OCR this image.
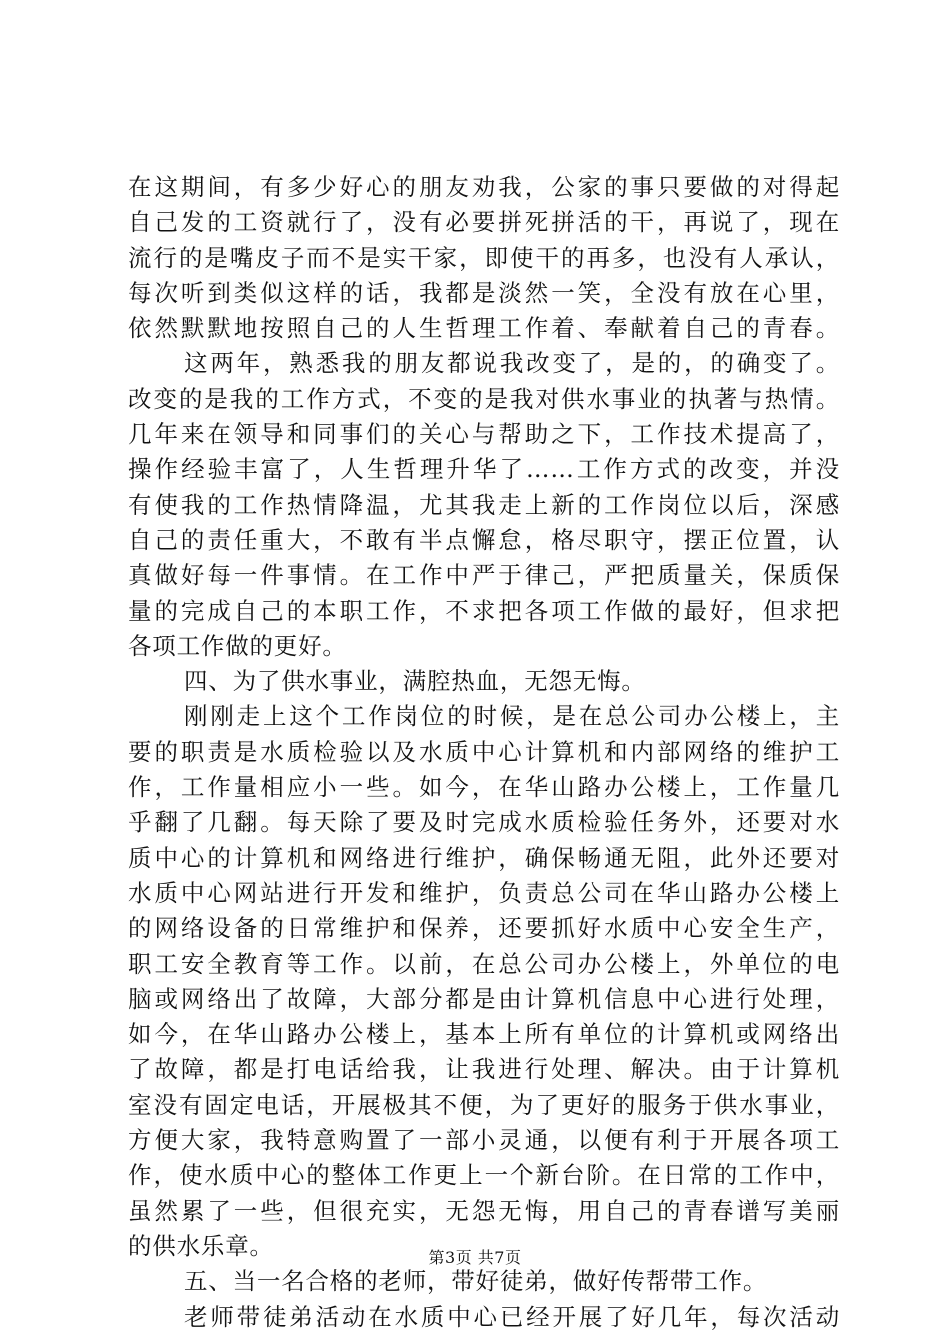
在这期间，有多少好心的朋友劝我，公家的事只要做的对得起
自己发的工资就行了，没有必要拼死拼活的干，再说了，现在
流行的是嘴皮子而不是实干家，即使干的再多，也没有人承认，
每次听到类似这样的话，我都是淡然一笑，全没有放在心里，
依然默默地按照自己的人生哲理工作着、奉献着自己的青春。
这两年，熟悉我的朋友都说我改变了，是的，的确变了。
改变的是我的工作方式，不变的是我对供水事业的执著与热情。
几年来在领导和同事们的关心与帮助之下，工作技术提高了，
操作经验丰富了，人生哲理升华了……工作方式的改变，并没
有使我的工作热情降温，尤其我走上新的工作岗位以后，深感
自己的责任重大，不敢有半点懈怠，格尽职守，摆正位置，认
真做好每一件事情。在工作中严于律己，严把质量关，保质保
量的完成自己的本职工作，不求把各项工作做的最好，但求把
各项工作做的更好。
四、为了供水事业，满腔热血，无怨无悔。
刚刚走上这个工作岗位的时候，是在总公司办公楼上，主
要的职责是水质检验以及水质中心计算机和内部网络的维护工
作，工作量相应小一些。如今，在华山路办公楼上，工作量几
乎翻了几翻。每天除了要及时完成水质检验任务外，还要对水
质中心的计算机和网络进行维护，确保畅通无阻，此外还要对
水质中心网站进行开发和维护，负责总公司在华山路办公楼上
的网络设备的日常维护和保养，还要抓好水质中心安全生产，
职工安全教育等工作。以前，在总公司办公楼上，外单位的电
脑或网络出了故障，大部分都是由计算机信息中心进行处理，
如今，在华山路办公楼上，基本上所有单位的计算机或网络出
了故障，都是打电话给我，让我进行处理、解决。由于计算机
室没有固定电话，开展极其不便，为了更好的服务于供水事业，
方便大家，我特意购置了一部小灵通，以便有利于开展各项工
作，使水质中心的整体工作更上一个新台阶。在日常的工作中，
虽然累了一些，但很充实，无怨无悔，用自己的青春谱写美丽
的供水乐章。
五、当一名合格的老师，带好徒弟，做好传帮带工作。
老师带徒弟活动在水质中心已经开展了好几年，每次活动
第3页 共7页
